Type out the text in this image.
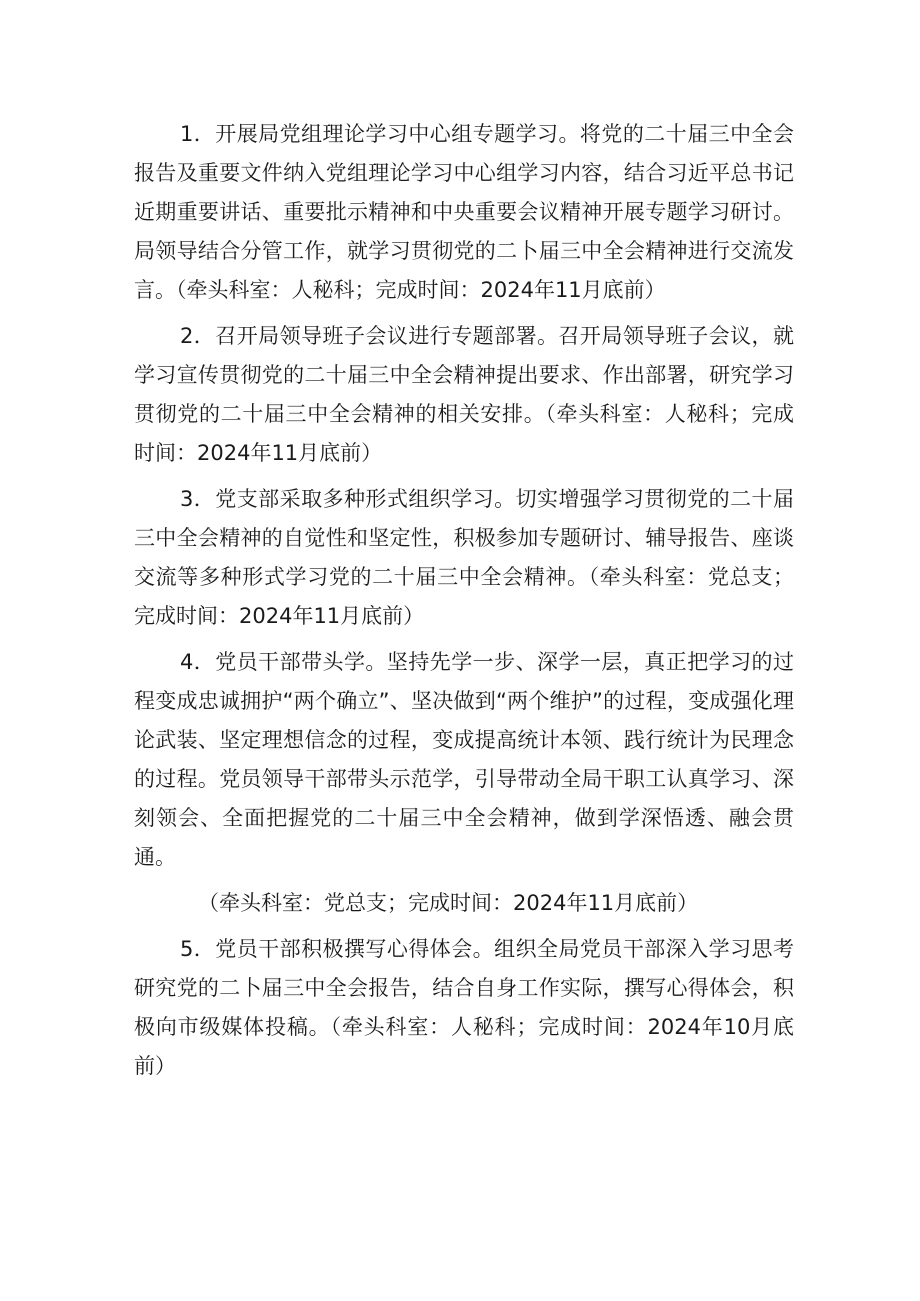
1．开展局党组理论学习中心组专题学习。将党的二十届三中全会报告及重要文件纳入党组理论学习中心组学习内容，结合习近平总书记近期重要讲话、重要批示精神和中央重要会议精神开展专题学习研讨。局领导结合分管工作，就学习贯彻党的二卜届三中全会精神进行交流发言。（牵头科室：人秘科；完成时间：2024年11月底前）

2．召开局领导班子会议进行专题部署。召开局领导班子会议，就学习宣传贯彻党的二十届三中全会精神提出要求、作出部署，研究学习贯彻党的二十届三中全会精神的相关安排。（牵头科室：人秘科；完成时间：2024年11月底前）

3．党支部采取多种形式组织学习。切实增强学习贯彻党的二十届三中全会精神的自觉性和坚定性，积极参加专题研讨、辅导报告、座谈交流等多种形式学习党的二十届三中全会精神。（牵头科室：党总支；完成时间：2024年11月底前）

4．党员干部带头学。坚持先学一步、深学一层，真正把学习的过程变成忠诚拥护“两个确立”、坚决做到“两个维护”的过程，变成强化理论武装、坚定理想信念的过程，变成提高统计本领、践行统计为民理念的过程。党员领导干部带头示范学，引导带动全局干职工认真学习、深刻领会、全面把握党的二十届三中全会精神，做到学深悟透、融会贯通。

（牵头科室：党总支；完成时间：2024年11月底前）

5．党员干部积极撰写心得体会。组织全局党员干部深入学习思考研究党的二卜届三中全会报告，结合自身工作实际，撰写心得体会，积极向市级媒体投稿。（牵头科室：人秘科；完成时间：2024年10月底前）
